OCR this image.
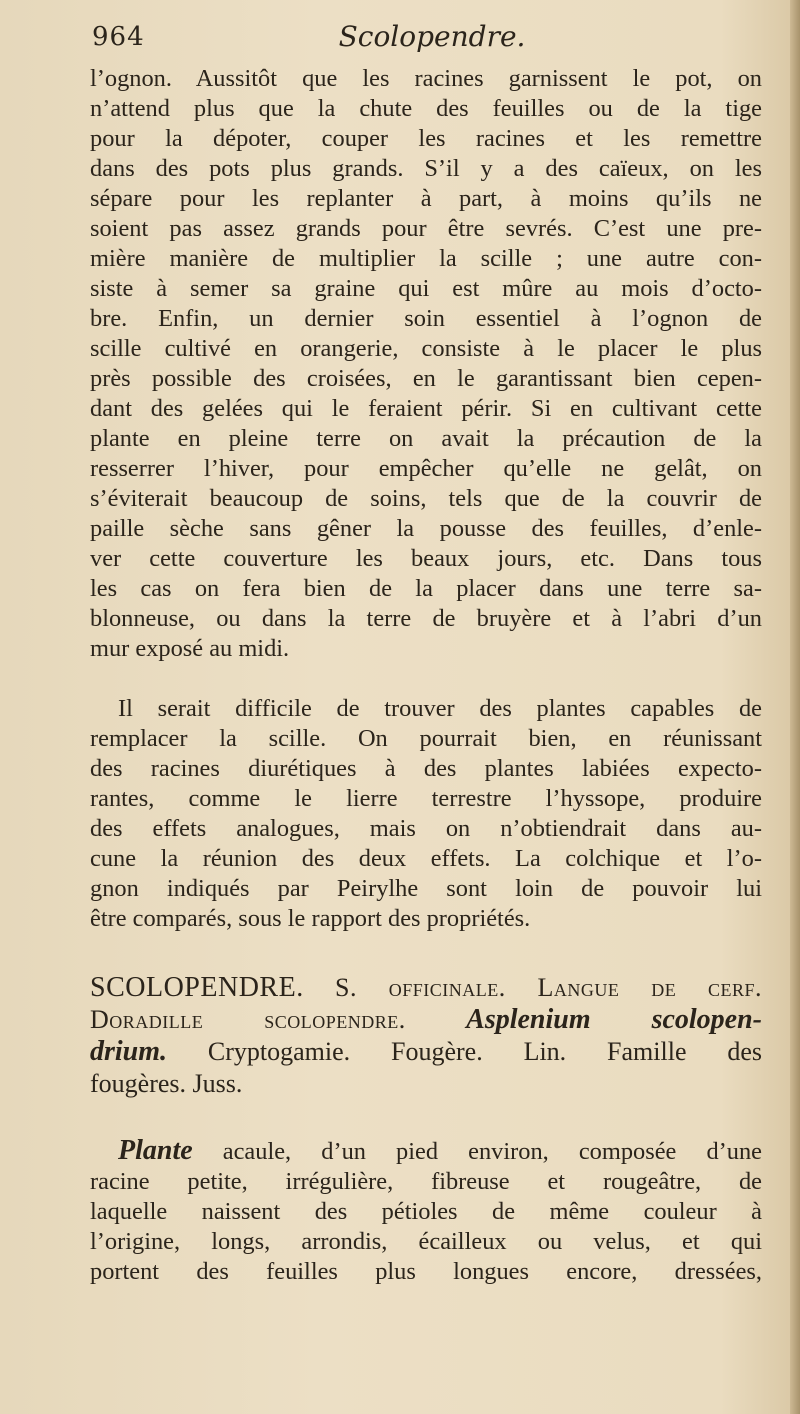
964	Scolopendre.

l’ognon. Aussitôt que les racines garnissent le pot, on
n’attend plus que la chute des feuilles ou de la tige
pour la dépoter, couper les racines et les remettre
dans des pots plus grands. S’il y a des caïeux, on les
sépare pour les replanter à part, à moins qu’ils ne
soient pas assez grands pour être sevrés. C’est une pre-
mière manière de multiplier la scille ; une autre con-
siste à semer sa graine qui est mûre au mois d’octo-
bre. Enfin, un dernier soin essentiel à l’ognon de
scille cultivé en orangerie, consiste à le placer le plus
près possible des croisées, en le garantissant bien cepen-
dant des gelées qui le feraient périr. Si en cultivant cette
plante en pleine terre on avait la précaution de la
resserrer l’hiver, pour empêcher qu’elle ne gelât, on
s’éviterait beaucoup de soins, tels que de la couvrir de
paille sèche sans gêner la pousse des feuilles, d’enle-
ver cette couverture les beaux jours, etc. Dans tous
les cas on fera bien de la placer dans une terre sa-
blonneuse, ou dans la terre de bruyère et à l’abri d’un
mur exposé au midi.

Il serait difficile de trouver des plantes capables de
remplacer la scille. On pourrait bien, en réunissant
des racines diurétiques à des plantes labiées expecto-
rantes, comme le lierre terrestre l’hyssope, produire
des effets analogues, mais on n’obtiendrait dans au-
cune la réunion des deux effets. La colchique et l’o-
gnon indiqués par Peirylhe sont loin de pouvoir lui
être comparés, sous le rapport des propriétés.

SCOLOPENDRE. S. officinale. Langue de cerf.
Doradille scolopendre. Asplenium scolopen-
drium. Cryptogamie. Fougère. Lin. Famille des
fougères. Juss.

Plante acaule, d’un pied environ, composée d’une
racine petite, irrégulière, fibreuse et rougeâtre, de
laquelle naissent des pétioles de même couleur à
l’origine, longs, arrondis, écailleux ou velus, et qui
portent des feuilles plus longues encore, dressées,
